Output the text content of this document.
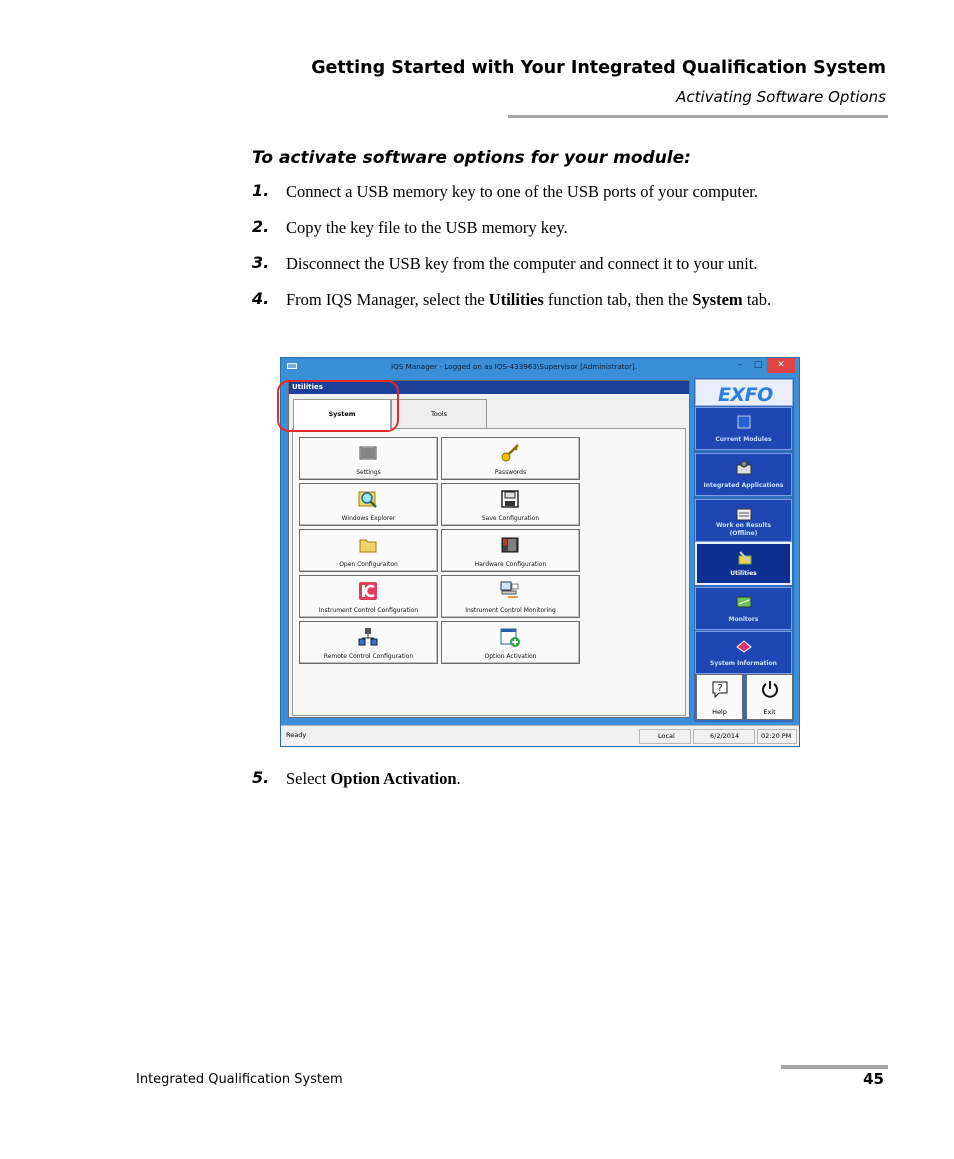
Getting Started with Your Integrated Qualification System
Activating Software Options
To activate software options for your module:
1. Connect a USB memory key to one of the USB ports of your computer.
2. Copy the key file to the USB memory key.
3. Disconnect the USB key from the computer and connect it to your unit.
4. From IQS Manager, select the Utilities function tab, then the System tab.
IQS Manager - Logged on as IQS-433963\Supervisor [Administrator].	–	□	✕
Utilities
System	Tools
Settings	Passwords
Windows Explorer	Save Configuration
Open Configuraiton	Hardware Configuration
Instrument Control Configuration	Instrument Control Monitoring
Remote Control Configuration	Option Activation
EXFO
Current Modules
Integrated Applications
Work on Results
(Offline)
Utilities
Monitors
System Information
?
Help	Exit
Ready	Local	6/2/2014	02:20 PM
5. Select Option Activation.
Integrated Qualification System	45
